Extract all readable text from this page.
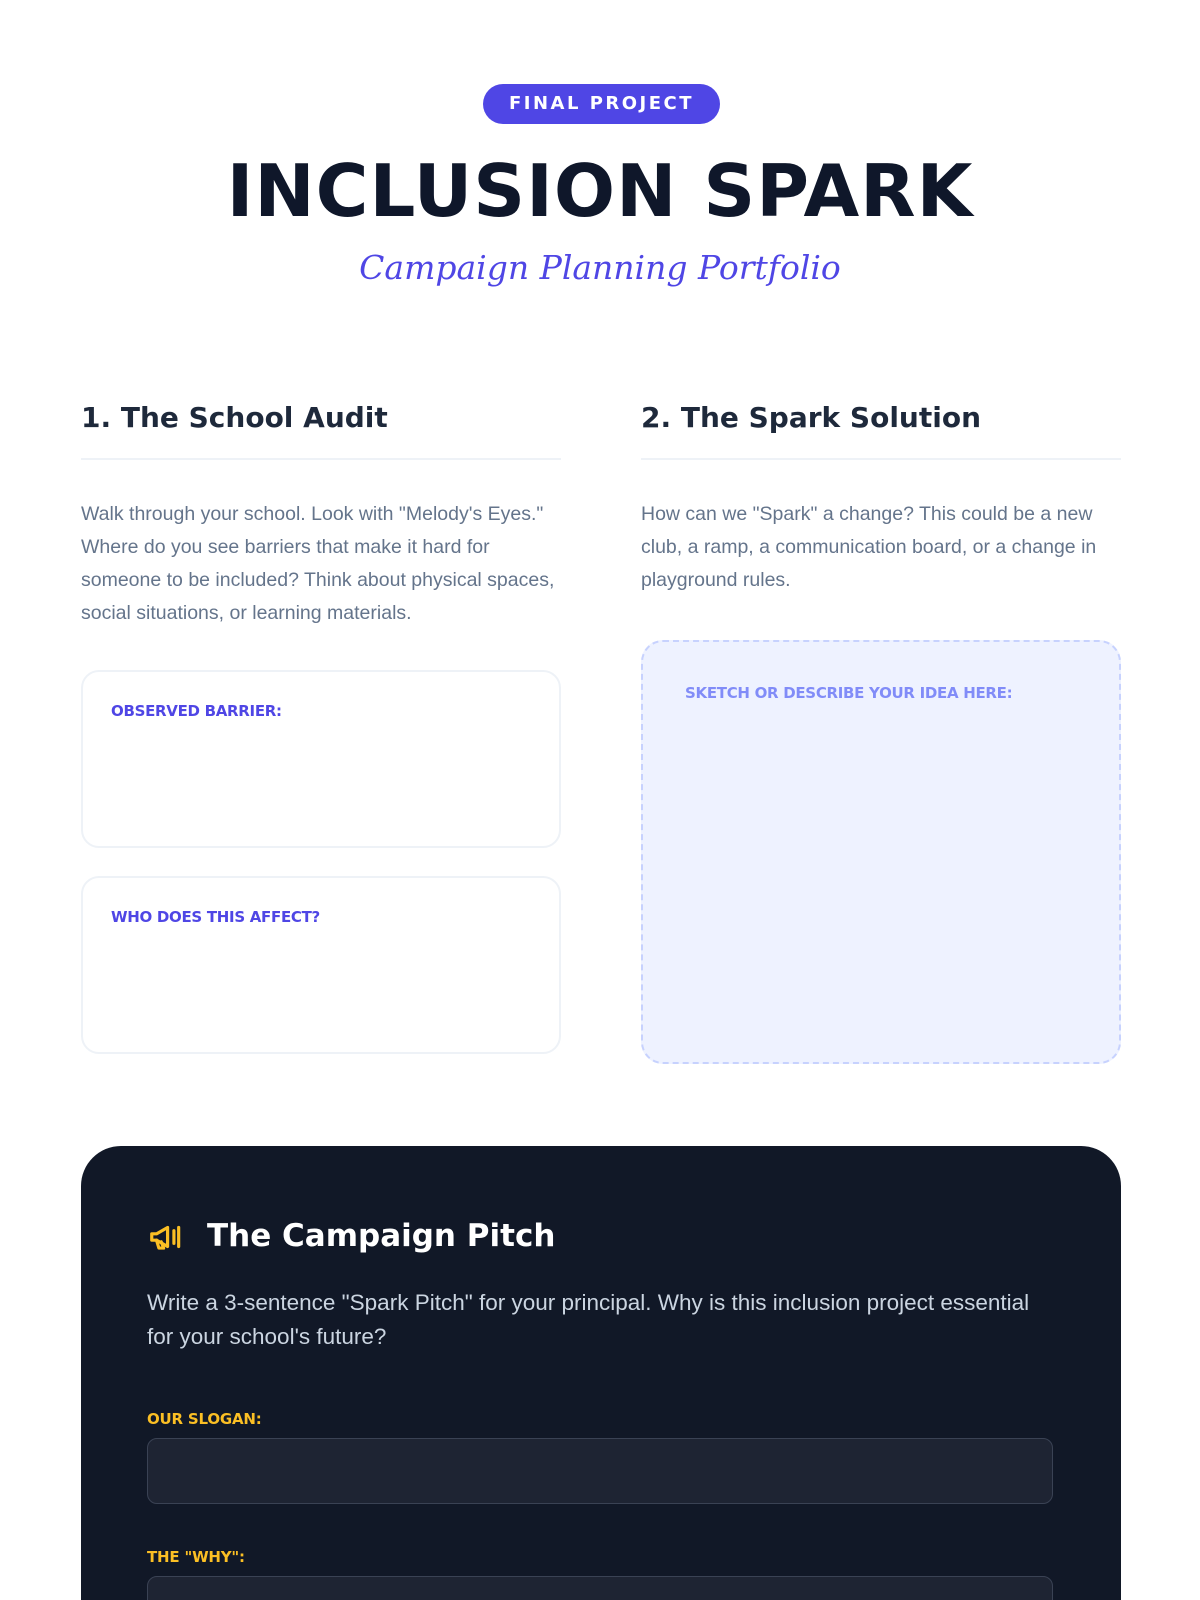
FINAL PROJECT
INCLUSION SPARK
Campaign Planning Portfolio
1. The School Audit

Walk through your school. Look with "Melody's Eyes." Where do you see barriers that make it hard for someone to be included? Think about physical spaces, social situations, or learning materials.

OBSERVED BARRIER:
WHO DOES THIS AFFECT?
2. The Spark Solution

How can we "Spark" a change? This could be a new club, a ramp, a communication board, or a change in playground rules.

SKETCH OR DESCRIBE YOUR IDEA HERE:
The Campaign Pitch

Write a 3-sentence "Spark Pitch" for your principal. Why is this inclusion project essential for your school's future?

OUR SLOGAN:
THE "WHY":
